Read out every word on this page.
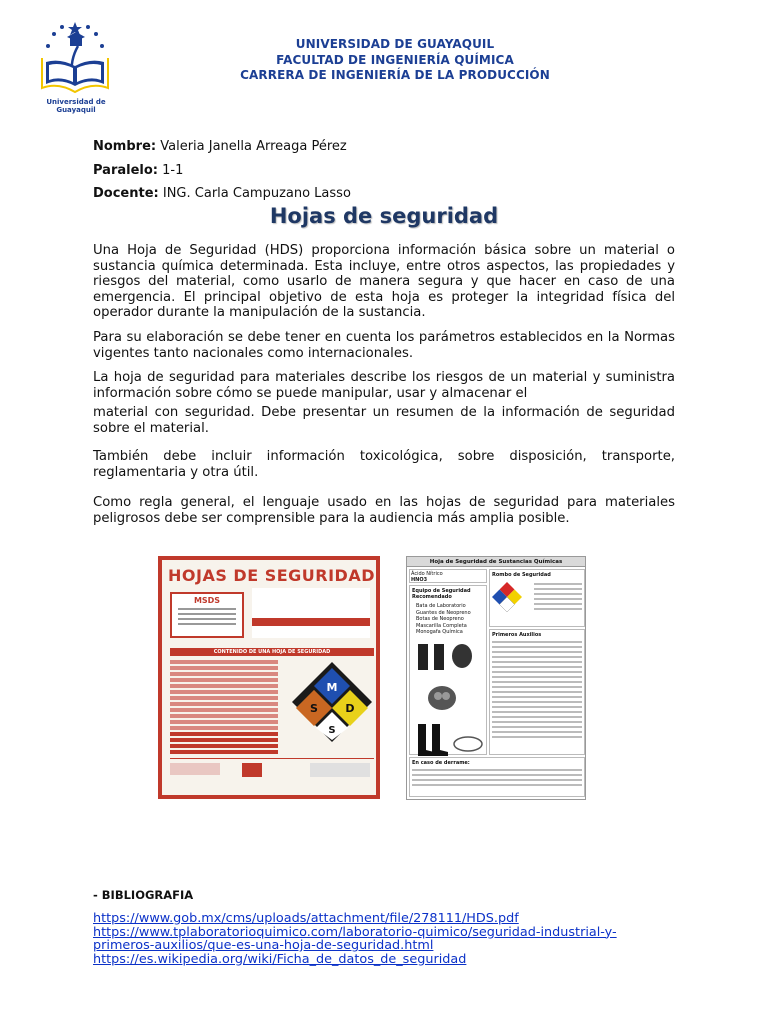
Universidad de Guayaquil
UNIVERSIDAD DE GUAYAQUIL
FACULTAD DE INGENIERÍA QUÍMICA
CARRERA DE INGENIERÍA DE LA PRODUCCIÓN
Nombre: Valeria Janella Arreaga Pérez
Paralelo: 1-1
Docente: ING. Carla Campuzano Lasso
Hojas de seguridad

Una Hoja de Seguridad (HDS) proporciona información básica sobre un material o sustancia química determinada. Esta incluye, entre otros aspectos, las propiedades y riesgos del material, como usarlo de manera segura y que hacer en caso de una emergencia. El principal objetivo de esta hoja es proteger la integridad física del operador durante la manipulación de la sustancia.

Para su elaboración se debe tener en cuenta los parámetros establecidos en la Normas vigentes tanto nacionales como internacionales.

La hoja de seguridad para materiales describe los riesgos de un material y suministra información sobre cómo se puede manipular, usar y almacenar el

material con seguridad. Debe presentar un resumen de la información de seguridad sobre el material.

También debe incluir información toxicológica, sobre disposición, transporte, reglamentaria y otra útil.

Como regla general, el lenguaje usado en las hojas de seguridad para materiales peligrosos debe ser comprensible para la audiencia más amplia posible.

HOJAS DE SEGURIDAD
MSDS
CONTENIDO DE UNA HOJA DE SEGURIDAD
M
S D
S
Hoja de Seguridad de Sustancias Químicas
Ácido Nítrico
HNO3
Equipo de Seguridad Recomendado
Bata de Laboratorio
Guantes de Neopreno
Botas de Neopreno
Mascarilla Completa
Monogafa Química
Rombo de Seguridad
Primeros Auxilios
En caso de derrame:
- BIBLIOGRAFIA
https://www.gob.mx/cms/uploads/attachment/file/278111/HDS.pdf
https://www.tplaboratorioquimico.com/laboratorio-quimico/seguridad-industrial-y-
primeros-auxilios/que-es-una-hoja-de-seguridad.html
https://es.wikipedia.org/wiki/Ficha_de_datos_de_seguridad
